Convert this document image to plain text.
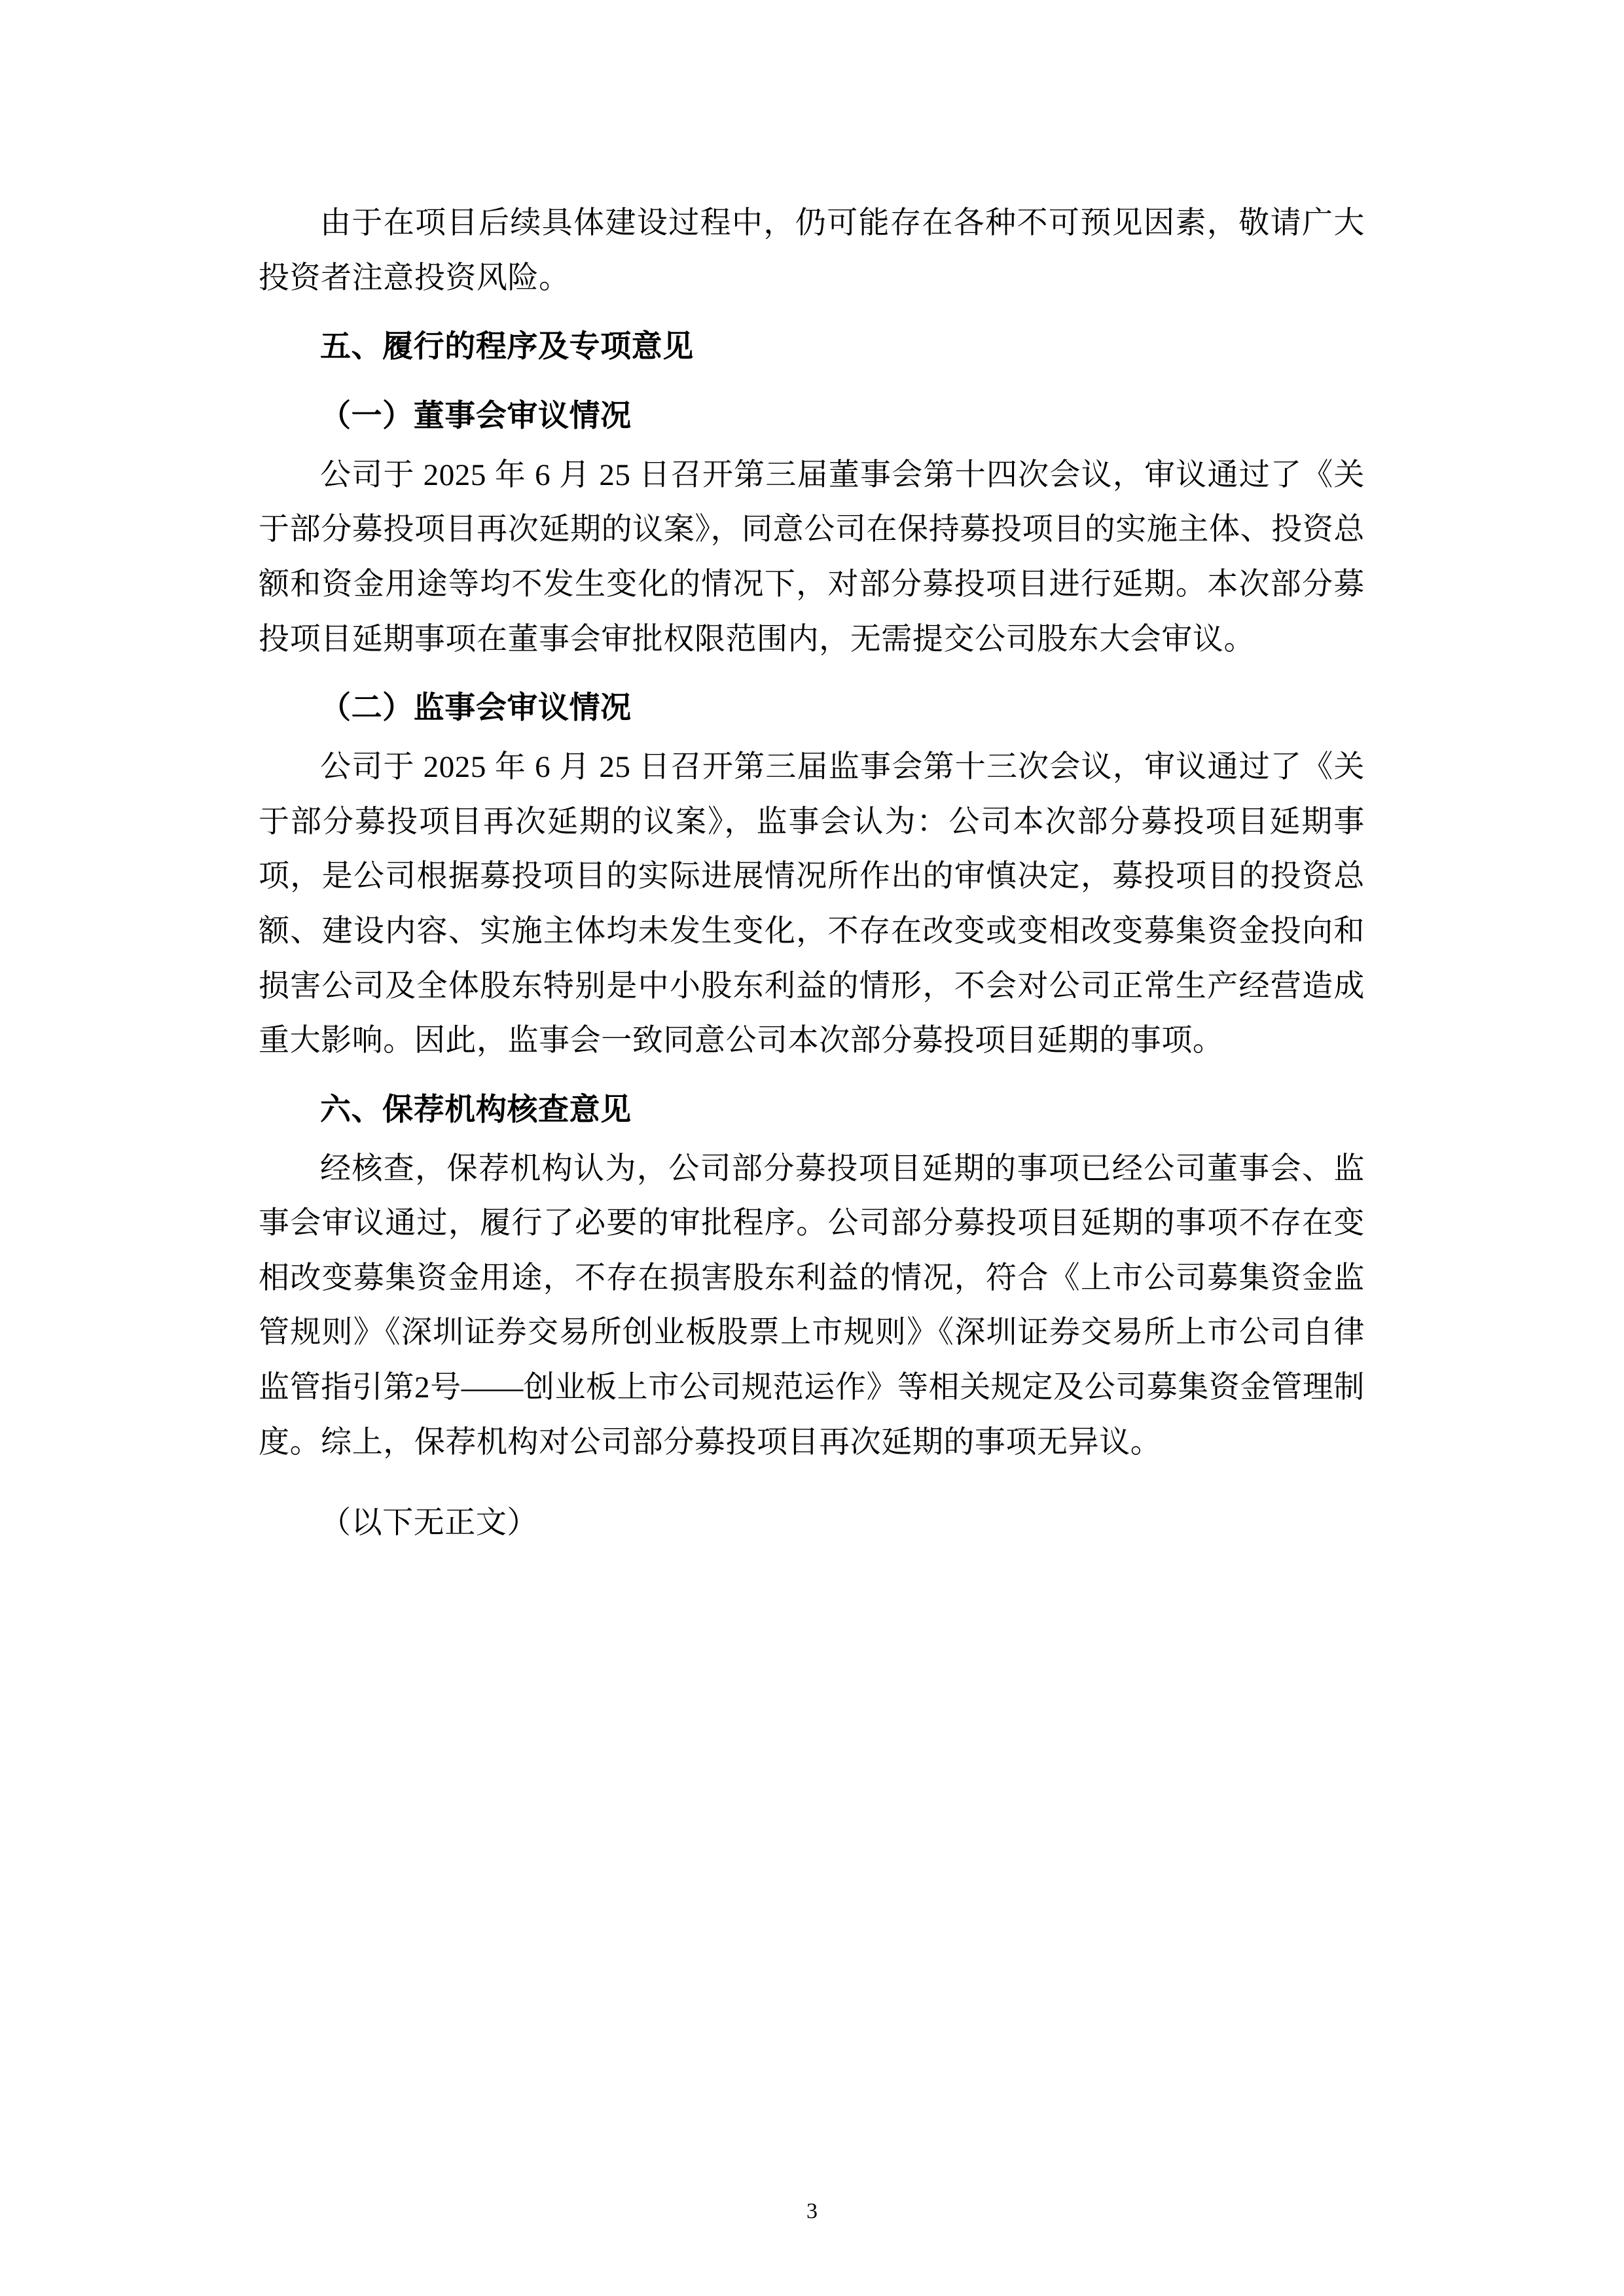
由于在项目后续具体建设过程中，仍可能存在各种不可预见因素，敬请广大投资者注意投资风险。
五、履行的程序及专项意见
（一）董事会审议情况
公司于 2025 年 6 月 25 日召开第三届董事会第十四次会议，审议通过了《关于部分募投项目再次延期的议案》，同意公司在保持募投项目的实施主体、投资总额和资金用途等均不发生变化的情况下，对部分募投项目进行延期。本次部分募投项目延期事项在董事会审批权限范围内，无需提交公司股东大会审议。
（二）监事会审议情况
公司于 2025 年 6 月 25 日召开第三届监事会第十三次会议，审议通过了《关于部分募投项目再次延期的议案》，监事会认为：公司本次部分募投项目延期事项，是公司根据募投项目的实际进展情况所作出的审慎决定，募投项目的投资总额、建设内容、实施主体均未发生变化，不存在改变或变相改变募集资金投向和损害公司及全体股东特别是中小股东利益的情形，不会对公司正常生产经营造成重大影响。因此，监事会一致同意公司本次部分募投项目延期的事项。
六、保荐机构核查意见
经核查，保荐机构认为，公司部分募投项目延期的事项已经公司董事会、监事会审议通过，履行了必要的审批程序。公司部分募投项目延期的事项不存在变相改变募集资金用途，不存在损害股东利益的情况，符合《上市公司募集资金监管规则》《深圳证券交易所创业板股票上市规则》《深圳证券交易所上市公司自律监管指引第2号——创业板上市公司规范运作》等相关规定及公司募集资金管理制度。综上，保荐机构对公司部分募投项目再次延期的事项无异议。
（以下无正文）
3
